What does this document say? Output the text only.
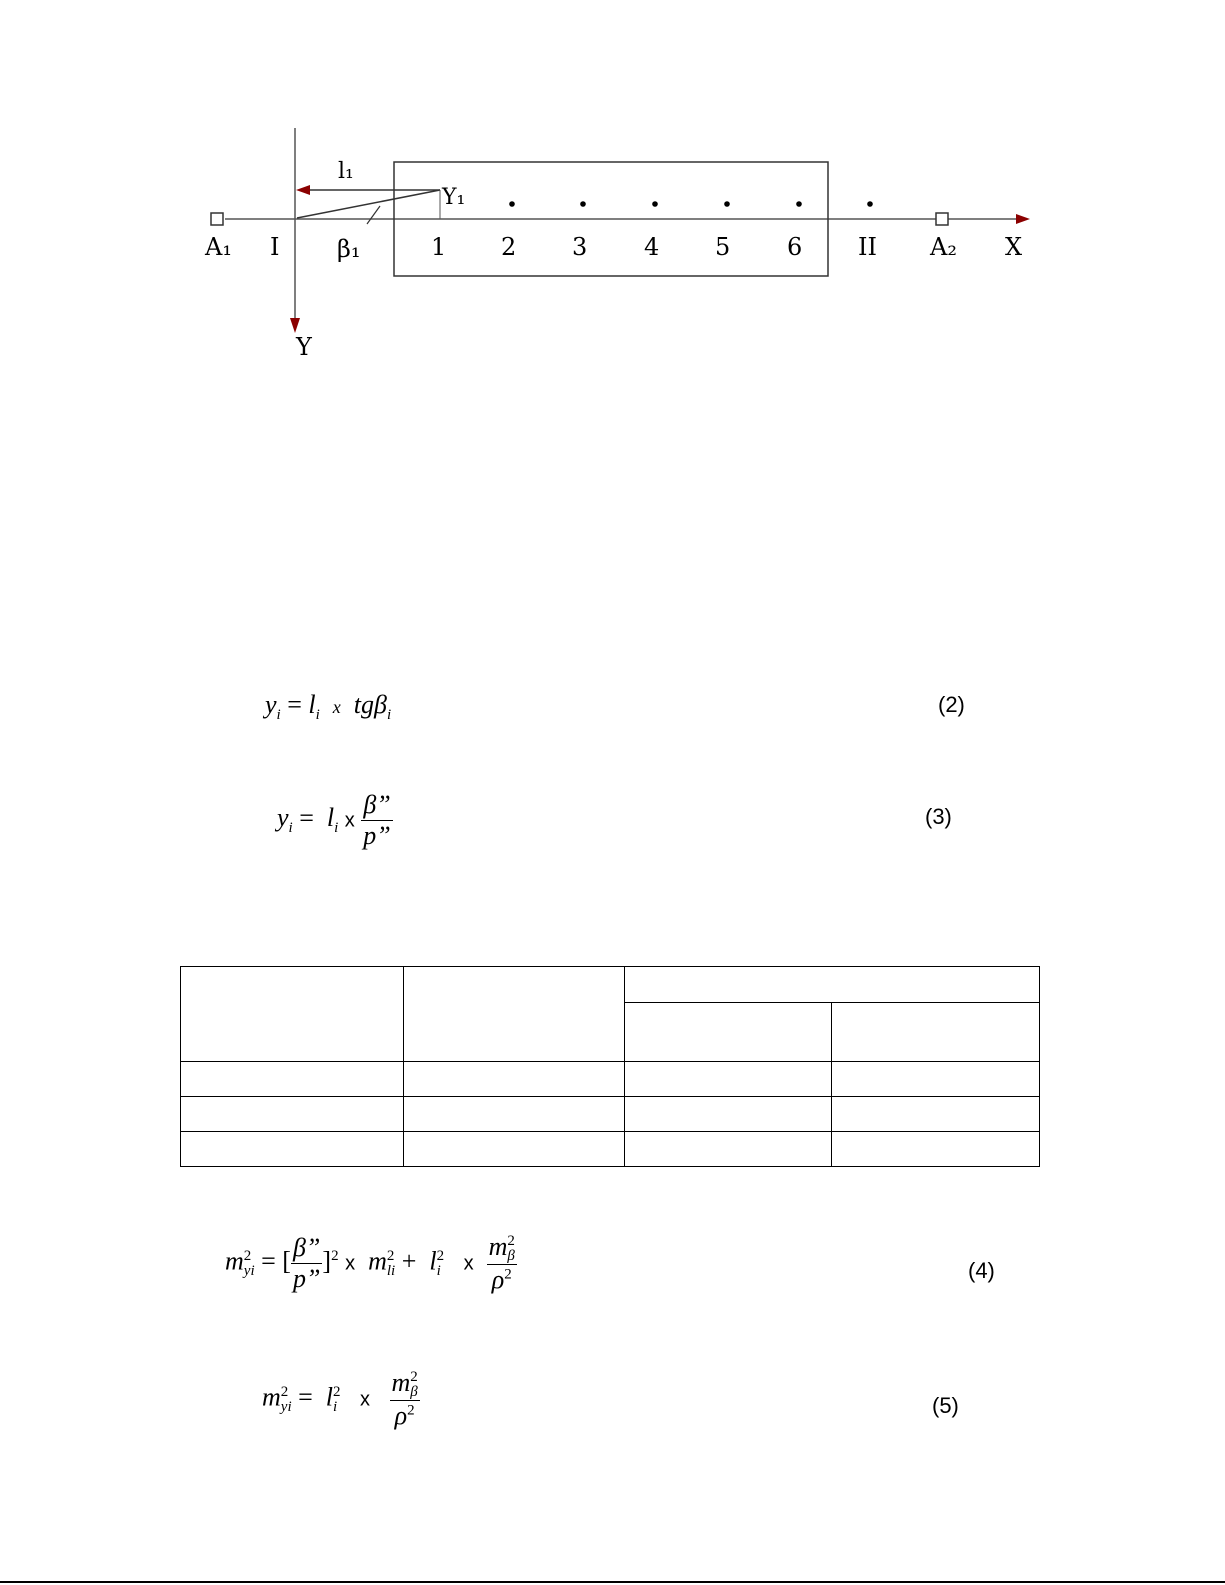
l₁
Y₁
A₁ I β₁	1 2 3 4 5 6 II A₂ X
Y
$y_i = l_i$ x tgβ$_i$	(2)
$y_i = l_i$ x $\frac{\beta”}{p”}$	(3)

m 2
yi = [ $\frac{\beta”}{p”} ]^2$ x m 2
li +  l 2
i x m 2
β
$\rho^2$	(4)
m 2
yi =  l 2
i x m 2
β
$\rho^2$	(5)
